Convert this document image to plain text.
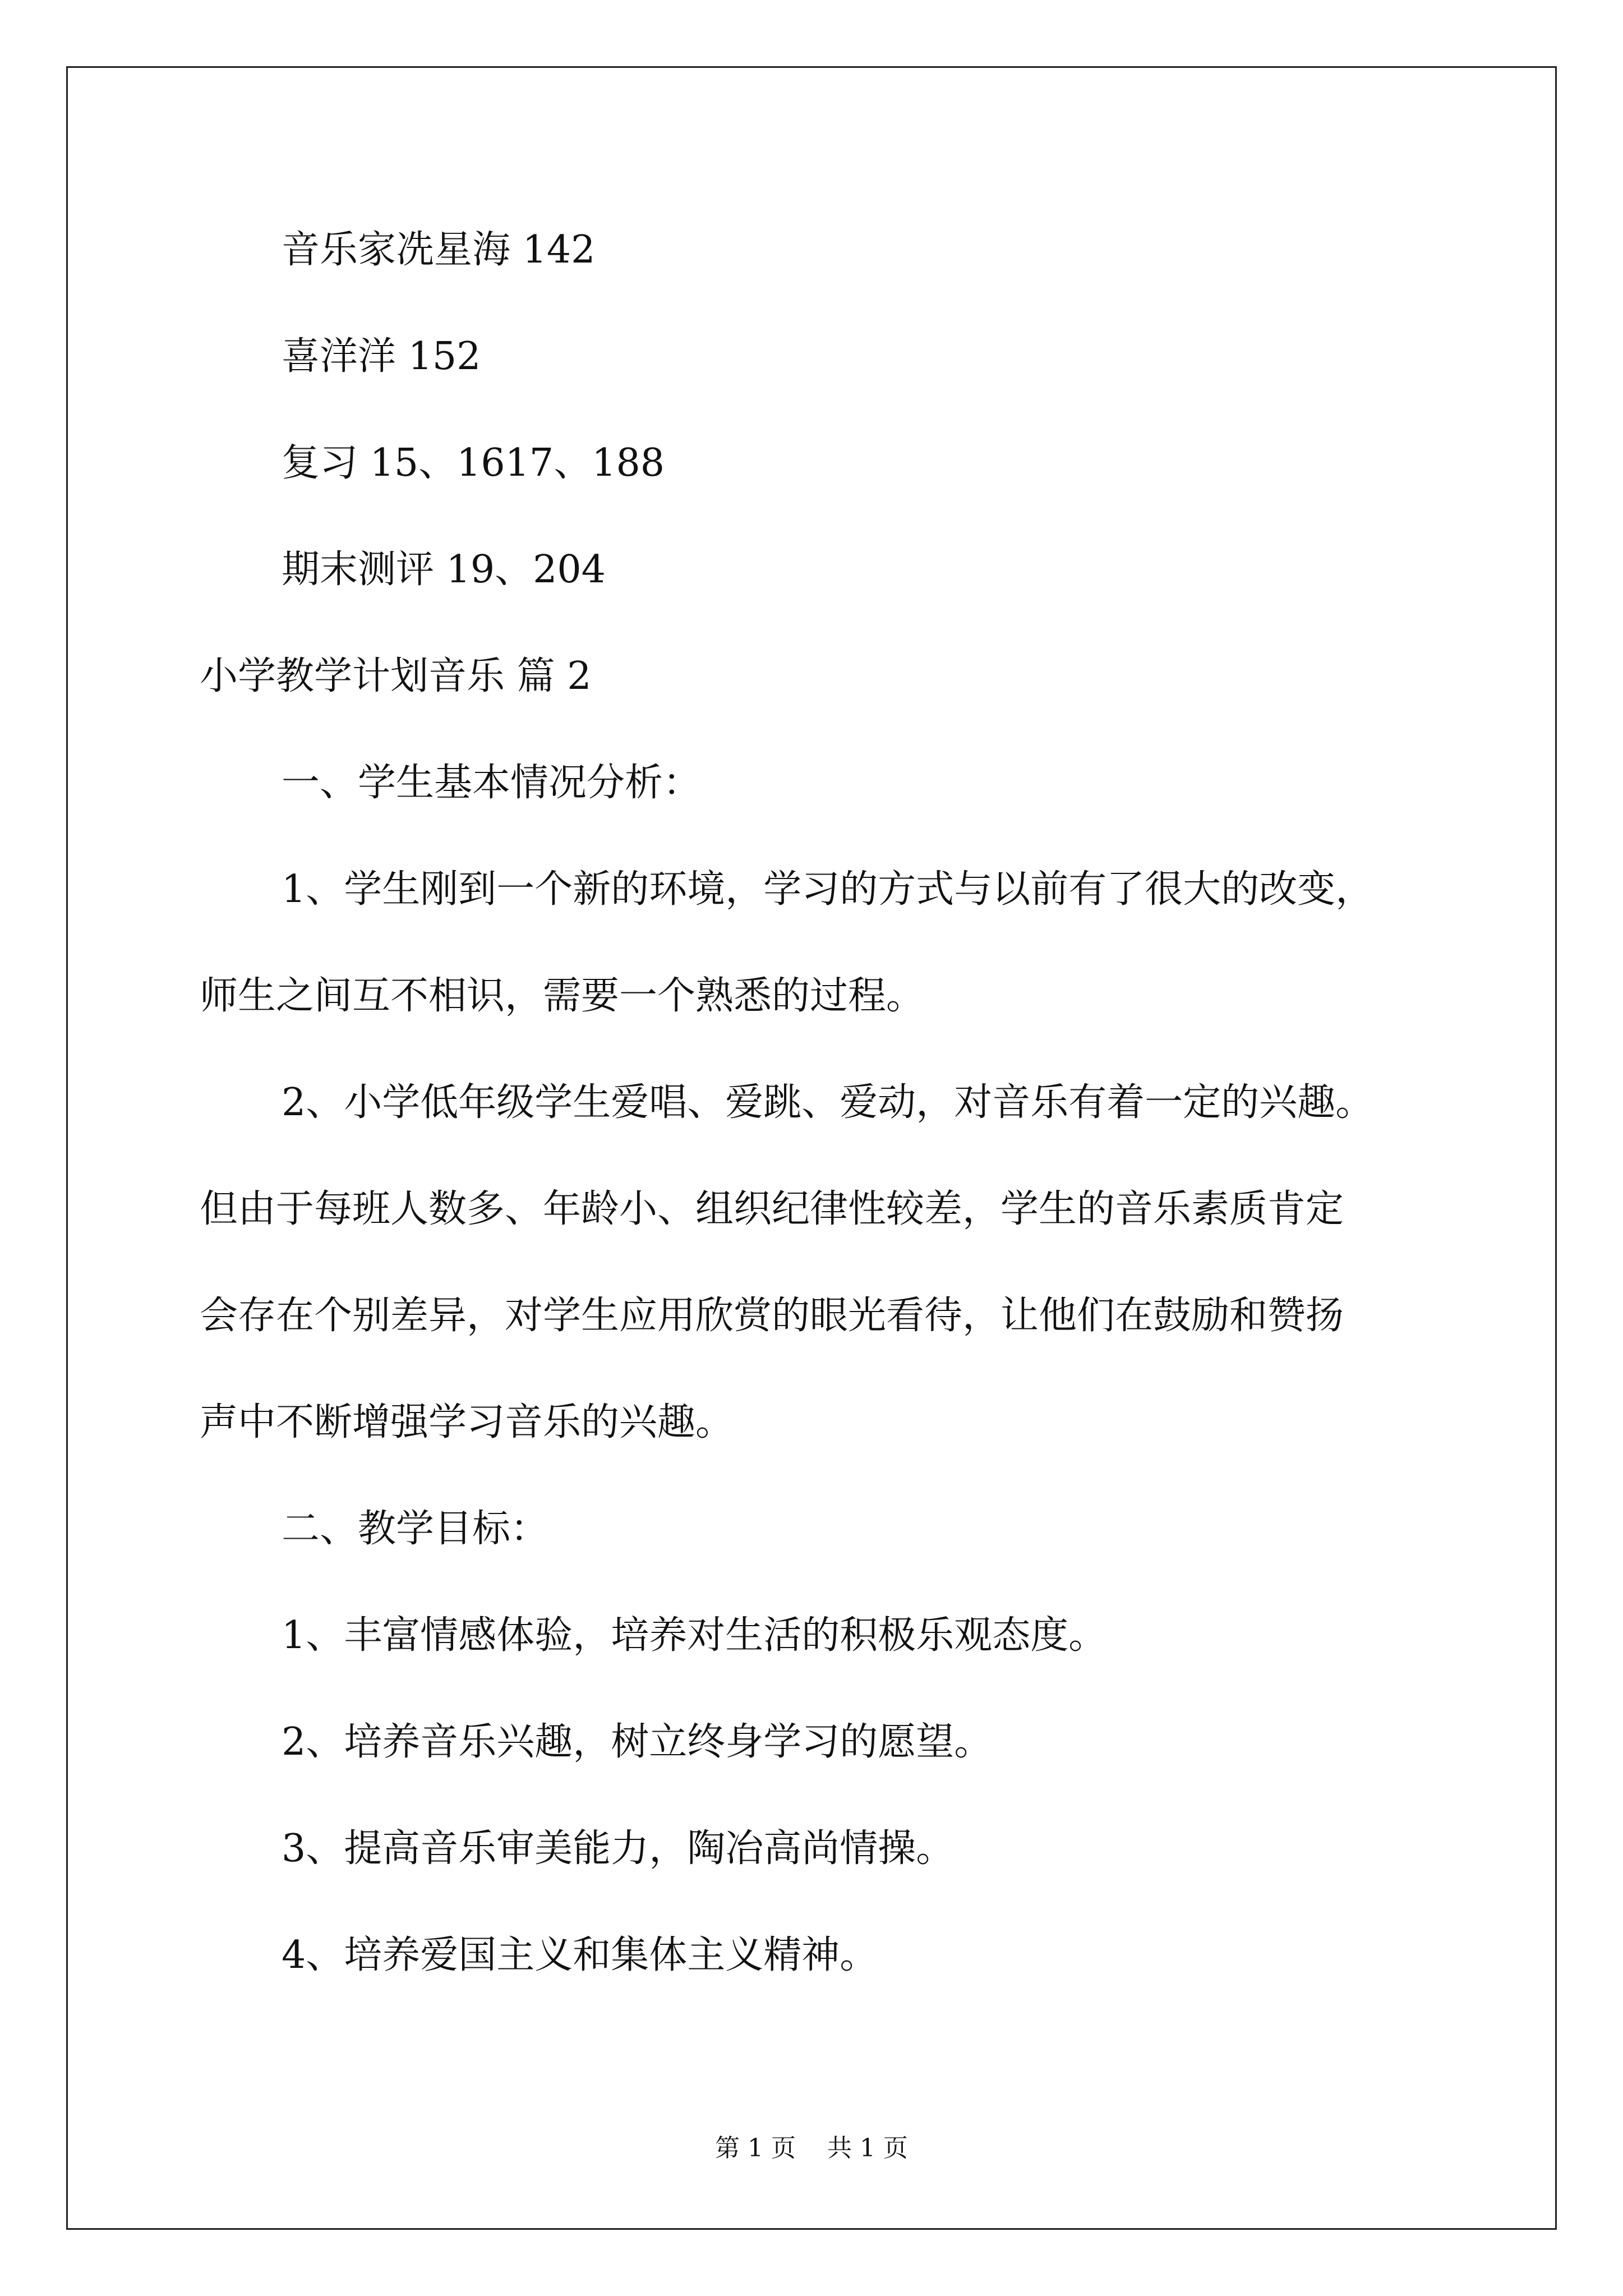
音乐家冼星海 142

喜洋洋 152

复习 15、1617、188

期末测评 19、204

小学教学计划音乐 篇 2

一、学生基本情况分析：

1、学生刚到一个新的环境，学习的方式与以前有了很大的改变，

师生之间互不相识，需要一个熟悉的过程。

2、小学低年级学生爱唱、爱跳、爱动，对音乐有着一定的兴趣。

但由于每班人数多、年龄小、组织纪律性较差，学生的音乐素质肯定

会存在个别差异，对学生应用欣赏的眼光看待，让他们在鼓励和赞扬

声中不断增强学习音乐的兴趣。

二、教学目标：

1、丰富情感体验，培养对生活的积极乐观态度。

2、培养音乐兴趣，树立终身学习的愿望。

3、提高音乐审美能力，陶冶高尚情操。

4、培养爱国主义和集体主义精神。

第 1 页    共 1 页
